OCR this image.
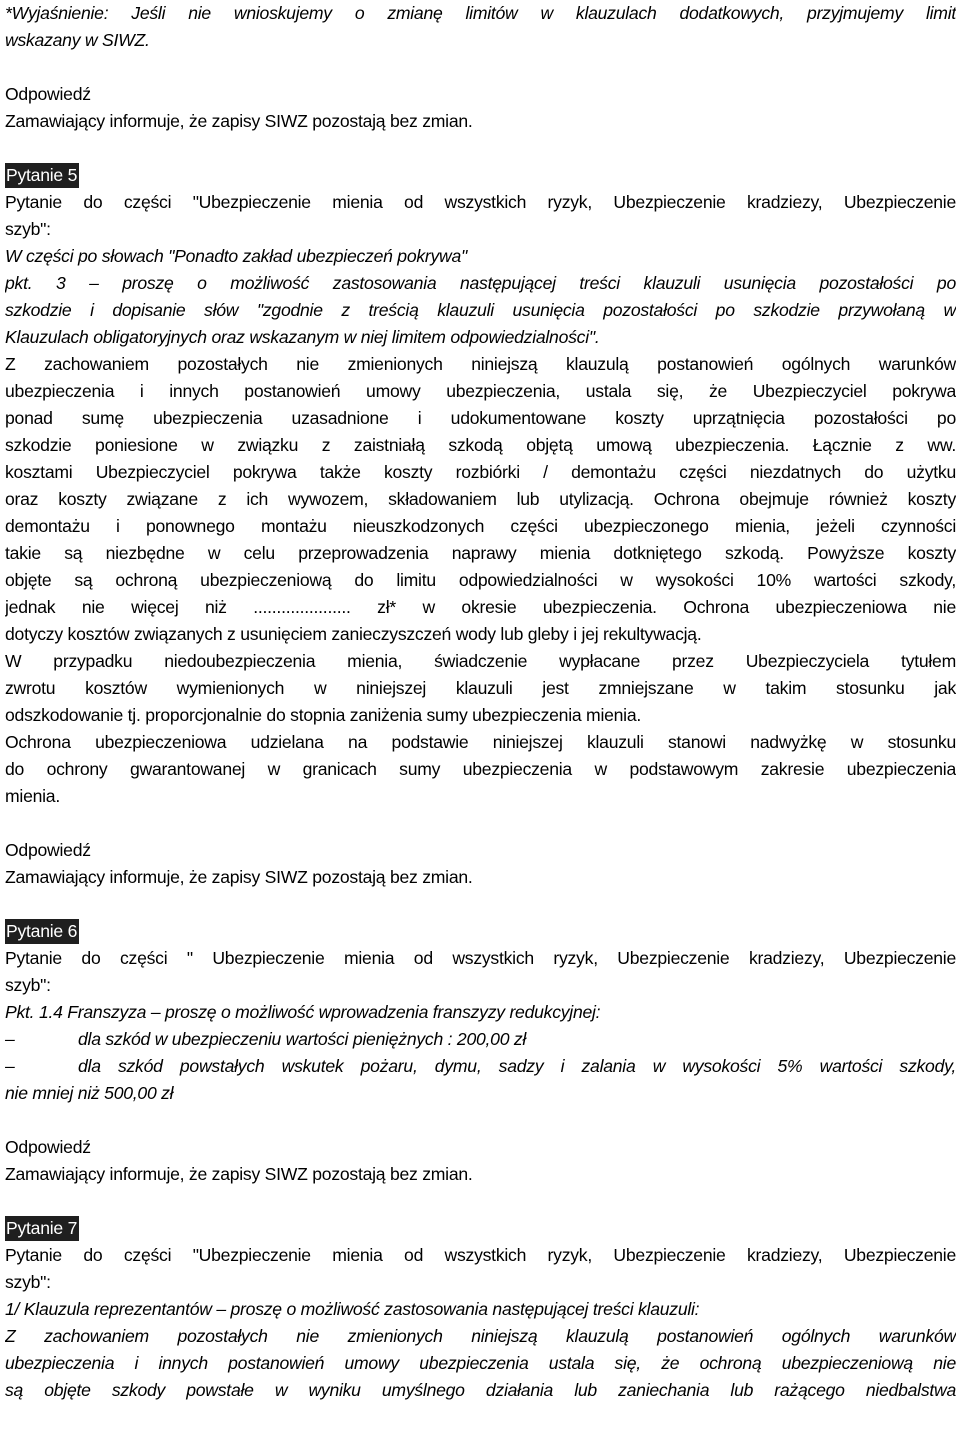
*Wyjaśnienie: Jeśli nie wnioskujemy o zmianę limitów w klauzulach dodatkowych, przyjmujemy limit
wskazany w SIWZ.
Odpowiedź
Zamawiający informuje, że zapisy SIWZ pozostają bez zmian.
Pytanie 5
Pytanie do części "Ubezpieczenie mienia od wszystkich ryzyk, Ubezpieczenie kradziezy, Ubezpieczenie
szyb":
W części po słowach "Ponadto zakład ubezpieczeń pokrywa"
pkt. 3 – proszę o możliwość zastosowania następującej treści klauzuli usunięcia pozostałości po
szkodzie i dopisanie słów "zgodnie z treścią klauzuli usunięcia pozostałości po szkodzie przywołaną w
Klauzulach obligatoryjnych oraz wskazanym w niej limitem odpowiedzialności".
Z zachowaniem pozostałych nie zmienionych niniejszą klauzulą postanowień ogólnych warunków
ubezpieczenia i innych postanowień umowy ubezpieczenia, ustala się, że Ubezpieczyciel pokrywa
ponad sumę ubezpieczenia uzasadnione i udokumentowane koszty uprzątnięcia pozostałości po
szkodzie poniesione w związku z zaistniałą szkodą objętą umową ubezpieczenia. Łącznie z ww.
kosztami Ubezpieczyciel pokrywa także koszty rozbiórki / demontażu części niezdatnych do użytku
oraz koszty związane z ich wywozem, składowaniem lub utylizacją. Ochrona obejmuje również koszty
demontażu i ponownego montażu nieuszkodzonych części ubezpieczonego mienia, jeżeli czynności
takie są niezbędne w celu przeprowadzenia naprawy mienia dotkniętego szkodą. Powyższe koszty
objęte są ochroną ubezpieczeniową do limitu odpowiedzialności w wysokości 10% wartości szkody,
jednak nie więcej niż ..................... zł* w okresie ubezpieczenia. Ochrona ubezpieczeniowa nie
dotyczy kosztów związanych z usunięciem zanieczyszczeń wody lub gleby i jej rekultywacją.
W przypadku niedoubezpieczenia mienia, świadczenie wypłacane przez Ubezpieczyciela tytułem
zwrotu kosztów wymienionych w niniejszej klauzuli jest zmniejszane w takim stosunku jak
odszkodowanie tj. proporcjonalnie do stopnia zaniżenia sumy ubezpieczenia mienia.
Ochrona ubezpieczeniowa udzielana na podstawie niniejszej klauzuli stanowi nadwyżkę w stosunku
do ochrony gwarantowanej w granicach sumy ubezpieczenia w podstawowym zakresie ubezpieczenia
mienia.
Odpowiedź
Zamawiający informuje, że zapisy SIWZ pozostają bez zmian.
Pytanie 6
Pytanie do części " Ubezpieczenie mienia od wszystkich ryzyk, Ubezpieczenie kradziezy, Ubezpieczenie
szyb":
Pkt. 1.4 Franszyza – proszę o możliwość wprowadzenia franszyzy redukcyjnej:
–	dla szkód w ubezpieczeniu wartości pieniężnych : 200,00 zł
–	dla szkód powstałych wskutek pożaru, dymu, sadzy i zalania w wysokości 5% wartości szkody,
nie mniej niż 500,00 zł
Odpowiedź
Zamawiający informuje, że zapisy SIWZ pozostają bez zmian.
Pytanie 7
Pytanie do części "Ubezpieczenie mienia od wszystkich ryzyk, Ubezpieczenie kradziezy, Ubezpieczenie
szyb":
1/ Klauzula reprezentantów – proszę o możliwość zastosowania następującej treści klauzuli:
Z zachowaniem pozostałych nie zmienionych niniejszą klauzulą postanowień ogólnych warunków
ubezpieczenia i innych postanowień umowy ubezpieczenia ustala się, że ochroną ubezpieczeniową nie
są objęte szkody powstałe w wyniku umyślnego działania lub zaniechania lub rażącego niedbalstwa
